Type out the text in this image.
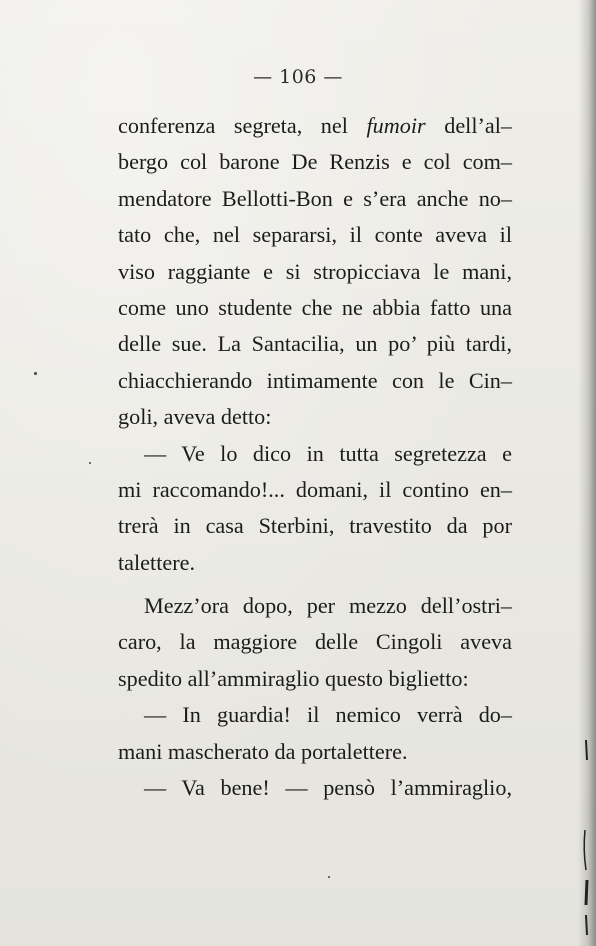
— 106 —
conferenza segreta, nel fumoir dell’al–
bergo col barone De Renzis e col com–
mendatore Bellotti-Bon e s’era anche no–
tato che, nel separarsi, il conte aveva il
viso raggiante e si stropicciava le mani,
come uno studente che ne abbia fatto una
delle sue. La Santacilia, un po’ più tardi,
chiacchierando intimamente con le Cin–
goli, aveva detto:
— Ve lo dico in tutta segretezza e
mi raccomando!... domani, il contino en–
trerà in casa Sterbini, travestito da por
talettere.
Mezz’ora dopo, per mezzo dell’ostri–
caro, la maggiore delle Cingoli aveva
spedito all’ammiraglio questo biglietto:
— In guardia! il nemico verrà do–
mani mascherato da portalettere.
— Va bene! — pensò l’ammiraglio,
